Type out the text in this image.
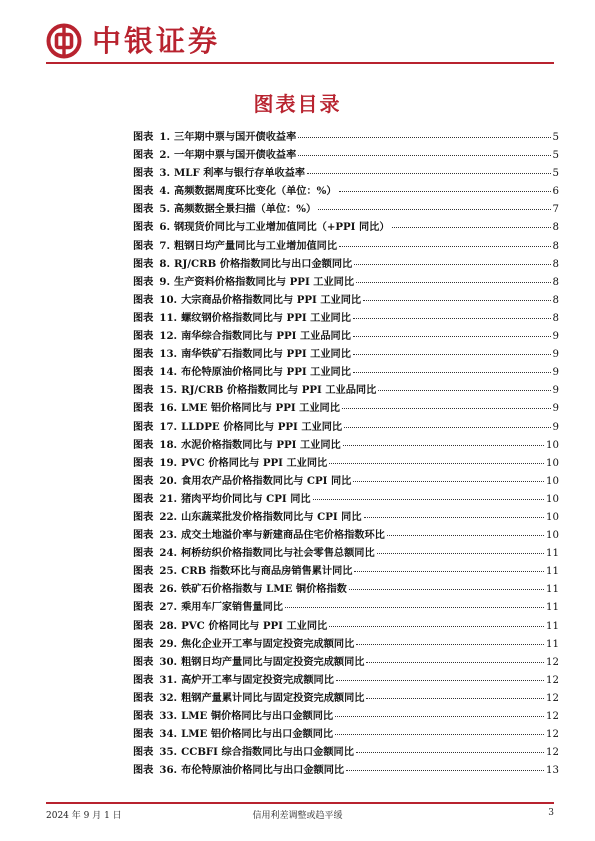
中银证券
图表目录
图表 1. 三年期中票与国开债收益率	5
图表 2. 一年期中票与国开债收益率	5
图表 3. MLF 利率与银行存单收益率	5
图表 4. 高频数据周度环比变化（单位：%）	6
图表 5. 高频数据全景扫描（单位：%）	7
图表 6. 钢现货价同比与工业增加值同比（+PPI 同比）	8
图表 7. 粗钢日均产量同比与工业增加值同比	8
图表 8. RJ/CRB 价格指数同比与出口金额同比	8
图表 9. 生产资料价格指数同比与 PPI 工业同比	8
图表 10. 大宗商品价格指数同比与 PPI 工业同比	8
图表 11. 螺纹钢价格指数同比与 PPI 工业同比	8
图表 12. 南华综合指数同比与 PPI 工业品同比	9
图表 13. 南华铁矿石指数同比与 PPI 工业同比	9
图表 14. 布伦特原油价格同比与 PPI 工业同比	9
图表 15. RJ/CRB 价格指数同比与 PPI 工业品同比	9
图表 16. LME 铝价格同比与 PPI 工业同比	9
图表 17. LLDPE 价格同比与 PPI 工业同比	9
图表 18. 水泥价格指数同比与 PPI 工业同比	10
图表 19. PVC 价格同比与 PPI 工业同比	10
图表 20. 食用农产品价格指数同比与 CPI 同比	10
图表 21. 猪肉平均价同比与 CPI 同比	10
图表 22. 山东蔬菜批发价格指数同比与 CPI 同比	10
图表 23. 成交土地溢价率与新建商品住宅价格指数环比	10
图表 24. 柯桥纺织价格指数同比与社会零售总额同比	11
图表 25. CRB 指数环比与商品房销售累计同比	11
图表 26. 铁矿石价格指数与 LME 铜价格指数	11
图表 27. 乘用车厂家销售量同比	11
图表 28. PVC 价格同比与 PPI 工业同比	11
图表 29. 焦化企业开工率与固定投资完成额同比	11
图表 30. 粗钢日均产量同比与固定投资完成额同比	12
图表 31. 高炉开工率与固定投资完成额同比	12
图表 32. 粗钢产量累计同比与固定投资完成额同比	12
图表 33. LME 铜价格同比与出口金额同比	12
图表 34. LME 铝价格同比与出口金额同比	12
图表 35. CCBFI 综合指数同比与出口金额同比	12
图表 36. 布伦特原油价格同比与出口金额同比	13
2024 年 9 月 1 日	信用利差调整或趋平缓	3
